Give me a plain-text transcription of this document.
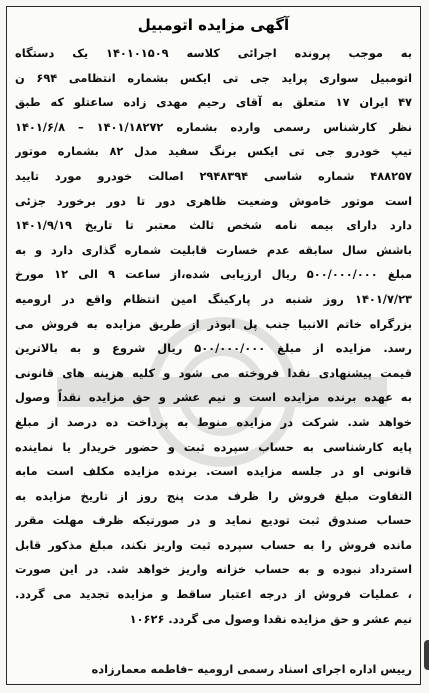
آگهی مزایده اتومبیل
به موجب پرونده اجرائی کلاسه ۱۴۰۱۰۱۵۰۹ یک دستگاه
اتومبیل سواری پراید جی تی ایکس بشماره انتظامی ۶۹۴ ن
۴۷ ایران ۱۷ متعلق به آقای رحیم مهدی زاده ساعتلو که طبق
نظر کارشناس رسمی وارده بشماره ۱۴۰۱/۱۸۲۷۲ – ۱۴۰۱/۶/۸
تیپ خودرو جی تی ایکس برنگ سفید مدل ۸۲ بشماره موتور
۴۸۸۲۵۷ شماره شاسی ۲۹۴۸۳۹۴ اصالت خودرو مورد تایید
است موتور خاموش وضعیت ظاهری دور تا دور برخورد جزئی
دارد دارای بیمه نامه شخص ثالث معتبر تا تاریخ ۱۴۰۱/۹/۱۹
باشش سال سابقه عدم خسارت قابلیت شماره گذاری دارد و به
مبلغ ۵۰۰/۰۰۰/۰۰۰ ریال ارزیابی شده،از ساعت ۹ الی ۱۲ مورخ
۱۴۰۱/۷/۲۳ روز شنبه در پارکینگ امین انتظام واقع در ارومیه
بزرگراه خاتم الانبیا جنب پل ابوذر از طریق مزایده به فروش می
رسد. مزایده از مبلغ ۵۰۰/۰۰۰/۰۰۰ ریال شروع و به بالاترین
قیمت پیشنهادی نقدا فروخته می شود و کلیه هزینه های قانونی
به عهده برنده مزایده است و نیم عشر و حق مزایده نقداً وصول
خواهد شد. شرکت در مزایده منوط به پرداخت ده درصد از مبلغ
پایه کارشناسی به حساب سپرده ثبت و حضور خریدار یا نماینده
قانونی او در جلسه مزایده است. برنده مزایده مکلف است مابه
التفاوت مبلغ فروش را ظرف مدت پنج روز از تاریخ مزایده به
حساب صندوق ثبت تودیع نماید و در صورتیکه ظرف مهلت مقرر
مانده فروش را به حساب سپرده ثبت واریز نکند، مبلغ مذکور قابل
استرداد نبوده و به حساب خزانه واریز خواهد شد. در این صورت
، عملیات فروش از درجه اعتبار ساقط و مزایده تجدید می گردد.
نیم عشر و حق مزایده نقدا وصول می گردد. ۱۰۶۲۶
رییس اداره اجرای اسناد رسمی ارومیه –فاطمه معمارزاده
